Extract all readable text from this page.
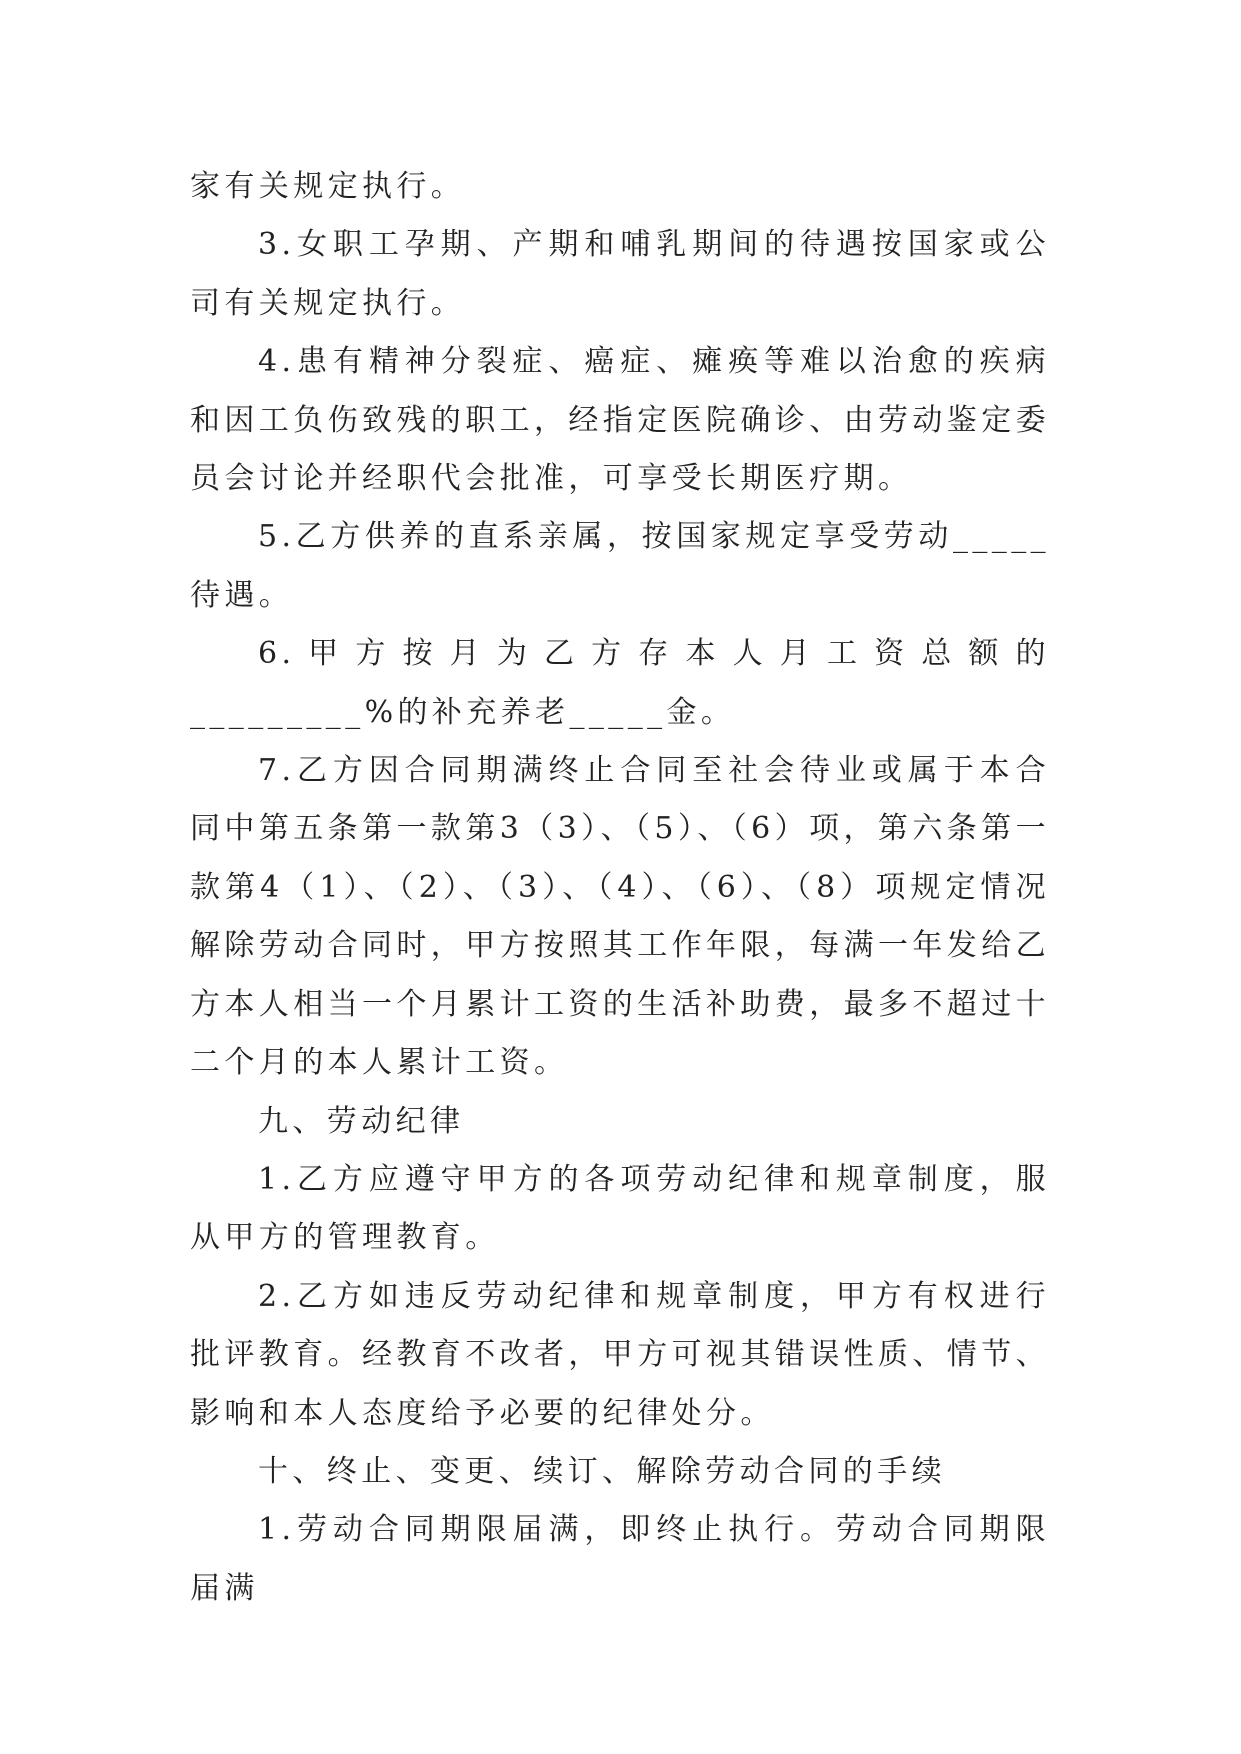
家有关规定执行。

3.女职工孕期、产期和哺乳期间的待遇按国家或公司有关规定执行。

4.患有精神分裂症、癌症、瘫痪等难以治愈的疾病和因工负伤致残的职工，经指定医院确诊、由劳动鉴定委员会讨论并经职代会批准，可享受长期医疗期。

5.乙方供养的直系亲属，按国家规定享受劳动_____待遇。

6.甲方按月为乙方存本人月工资总额的_________%的补充养老_____金。

7.乙方因合同期满终止合同至社会待业或属于本合同中第五条第一款第3（3）、（5）、（6）项，第六条第一款第4（1）、（2）、（3）、（4）、（6）、（8）项规定情况解除劳动合同时，甲方按照其工作年限，每满一年发给乙方本人相当一个月累计工资的生活补助费，最多不超过十二个月的本人累计工资。

九、劳动纪律

1.乙方应遵守甲方的各项劳动纪律和规章制度，服从甲方的管理教育。

2.乙方如违反劳动纪律和规章制度，甲方有权进行批评教育。经教育不改者，甲方可视其错误性质、情节、影响和本人态度给予必要的纪律处分。

十、终止、变更、续订、解除劳动合同的手续

1.劳动合同期限届满，即终止执行。劳动合同期限届满
